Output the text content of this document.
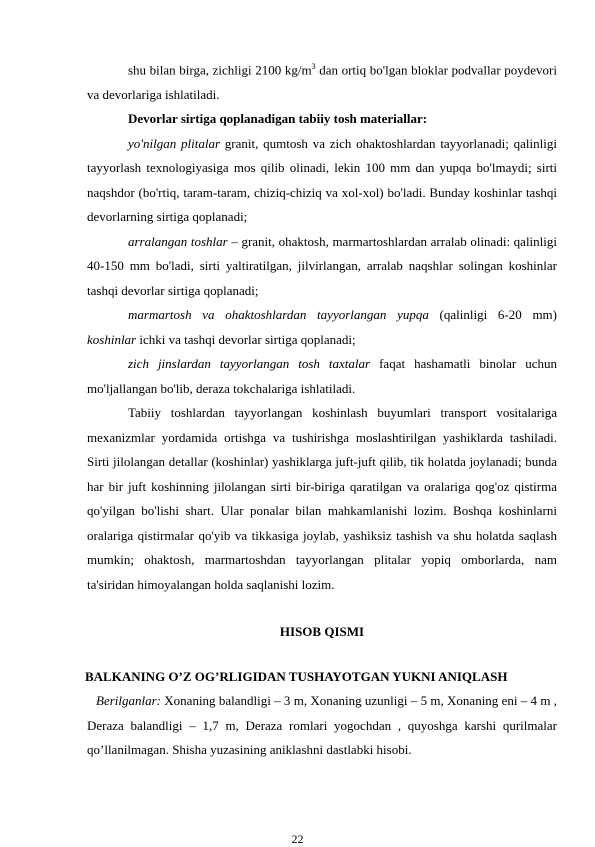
shu bilan birga, zichligi 2100 $kg/m^3$ dan ortiq bo'lgan bloklar podvallar poydevori va devorlariga ishlatiladi.

Devorlar sirtiga qoplanadigan tabiiy tosh materiallar:

yo'nilgan plitalar granit, qumtosh va zich ohaktoshlardan tayyorlanadi; qalinligi tayyorlash texnologiyasiga mos qilib olinadi, lekin 100 mm dan yupqa bo'lmaydi; sirti naqshdor (bo'rtiq, taram-taram, chiziq-chiziq va xol-xol) bo'ladi. Bunday koshinlar tashqi devorlarning sirtiga qoplanadi;

arralangan toshlar – granit, ohaktosh, marmartoshlardan arralab olinadi: qalinligi 40-150 mm bo'ladi, sirti yaltiratilgan, jilvirlangan, arralab naqshlar solingan koshinlar tashqi devorlar sirtiga qoplanadi;

marmartosh va ohaktoshlardan tayyorlangan yupqa (qalinligi 6-20 mm) koshinlar ichki va tashqi devorlar sirtiga qoplanadi;

zich jinslardan tayyorlangan tosh taxtalar faqat hashamatli binolar uchun mo'ljallangan bo'lib, deraza tokchalariga ishlatiladi.

Tabiiy toshlardan tayyorlangan koshinlash buyumlari transport vositalariga mexanizmlar yordamida ortishga va tushirishga moslashtirilgan yashiklarda tashiladi. Sirti jilolangan detallar (koshinlar) yashiklarga juft-juft qilib, tik holatda joylanadi; bunda har bir juft koshinning jilolangan sirti bir-biriga qaratilgan va oralariga qog'oz qistirma qo'yilgan bo'lishi shart. Ular ponalar bilan mahkamlanishi lozim. Boshqa koshinlarni oralariga qistirmalar qo'yib va tikkasiga joylab, yashiksiz tashish va shu holatda saqlash mumkin; ohaktosh, marmartoshdan tayyorlangan plitalar yopiq omborlarda, nam ta'siridan himoyalangan holda saqlanishi lozim.

HISOB QISMI

BALKANING O’Z OG’RLIGIDAN TUSHAYOTGAN YUKNI ANIQLASH

Berilganlar: Xonaning balandligi – 3 m, Xonaning uzunligi – 5 m, Xonaning eni – 4 m , Deraza balandligi – 1,7 m, Deraza romlari yogochdan , quyoshga karshi qurilmalar qo’llanilmagan. Shisha yuzasining aniklashni dastlabki hisobi.

22
